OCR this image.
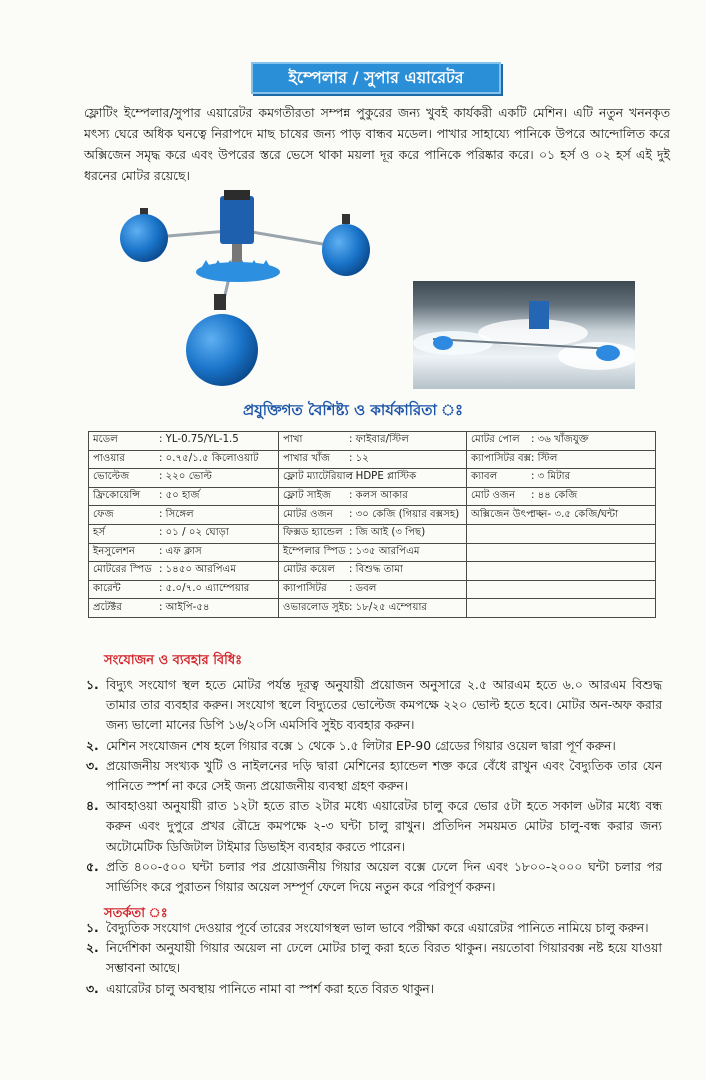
ইম্পেলার / সুপার এয়ারেটর

ফ্লোটিং ইম্পেলার/সুপার এয়ারেটর কমগতীরতা সম্পন্ন পুকুরের জন্য খুবই কার্যকরী একটি মেশিন। এটি নতুন খননকৃত মৎস্য ঘেরে অধিক ঘনত্বে নিরাপদে মাছ চাষের জন্য পাড় বান্ধব মডেল। পাখার সাহায্যে পানিকে উপরে আন্দোলিত করে অক্সিজেন সমৃদ্ধ করে এবং উপরের স্তরে ভেসে থাকা ময়লা দূর করে পানিকে পরিষ্কার করে। ০১ হর্স ও ০২ হর্স এই দুই ধরনের মোটর রয়েছে।

প্রযুক্তিগত বৈশিষ্ট্য ও কার্যকারিতা ঃ
মডেল : YL-0.75/YL-1.5	পাখা : ফাইবার/স্টিল	মোটর পোল : ৩৬ খাঁজযুক্ত
পাওয়ার : ০.৭৫/১.৫ কিলোওয়াট	পাখার খাঁজ : ১২	ক্যাপাসিটর বক্স: স্টিল
ভোল্টেজ : ২২০ ভোল্ট	ফ্লোট ম্যাটেরিয়াল: HDPE প্লাস্টিক	ক্যাবল : ৩ মিটার
ফ্রিকোয়েন্সি : ৫০ হার্জ	ফ্লোট সাইজ : কলস আকার	মোট ওজন : ৪৪ কেজি
ফেজ : সিঙ্গেল	মোটর ওজন : ৩০ কেজি (গিয়ার বক্সসহ)	অক্সিজেন উৎপাদন: ২ - ৩.৫ কেজি/ঘন্টা
হর্স : ০১ / ০২ ঘোড়া	ফিক্সড হ্যান্ডেল : জি আই (৩ পিছ)	
ইনসুলেশন : এফ ক্লাস	ইম্পেলার স্পিড : ১৩৫ আরপিএম	
মোটরের স্পিড : ১৪৫০ আরপিএম	মোটর কয়েল : বিশুদ্ধ তামা	
কারেন্ট : ৫.০/৭.০ এ্যাম্পেয়ার	ক্যাপাসিটর : ডবল	
প্রটেক্টর : আইপি-৫৪	ওভারলোড সুইচ: ১৮/২৫ এম্পেয়ার	
সংযোজন ও ব্যবহার বিধিঃ
১. বিদ্যুৎ সংযোগ স্থল হতে মোটর পর্যন্ত দূরত্ব অনুযায়ী প্রয়োজন অনুসারে ২.৫ আরএম হতে ৬.০ আরএম বিশুদ্ধ তামার তার ব্যবহার করুন। সংযোগ স্থলে বিদ্যুতের ভোল্টেজ কমপক্ষে ২২০ ভোল্ট হতে হবে। মোটর অন-অফ করার জন্য ভালো মানের ডিপি ১৬/২০সি এমসিবি সুইচ ব্যবহার করুন।
২. মেশিন সংযোজন শেষ হলে গিয়ার বক্সে ১ থেকে ১.৫ লিটার EP-90 গ্রেডের গিয়ার ওয়েল দ্বারা পূর্ণ করুন।
৩. প্রয়োজনীয় সংখ্যক খুটি ও নাইলনের দড়ি দ্বারা মেশিনের হ্যান্ডেল শক্ত করে বেঁধে রাখুন এবং বৈদ্যুতিক তার যেন পানিতে স্পর্শ না করে সেই জন্য প্রয়োজনীয় ব্যবস্থা গ্রহণ করুন।
৪. আবহাওয়া অনুযায়ী রাত ১২টা হতে রাত ২টার মধ্যে এয়ারেটর চালু করে ভোর ৫টা হতে সকাল ৬টার মধ্যে বন্ধ করুন এবং দুপুরে প্রখর রৌদ্রে কমপক্ষে ২-৩ ঘন্টা চালু রাখুন। প্রতিদিন সময়মত মোটর চালু-বন্ধ করার জন্য অটোমেটিক ডিজিটাল টাইমার ডিভাইস ব্যবহার করতে পারেন।
৫. প্রতি ৪০০-৫০০ ঘন্টা চলার পর প্রয়োজনীয় গিয়ার অয়েল বক্সে ঢেলে দিন এবং ১৮০০-২০০০ ঘন্টা চলার পর সার্ভিসিং করে পুরাতন গিয়ার অয়েল সম্পূর্ণ ফেলে দিয়ে নতুন করে পরিপূর্ণ করুন।
সতর্কতা ঃ
১. বৈদ্যুতিক সংযোগ দেওয়ার পূর্বে তারের সংযোগস্থল ভাল ভাবে পরীক্ষা করে এয়ারেটর পানিতে নামিয়ে চালু করুন।
২. নির্দেশিকা অনুযায়ী গিয়ার অয়েল না ঢেলে মোটর চালু করা হতে বিরত থাকুন। নয়তোবা গিয়ারবক্স নষ্ট হয়ে যাওয়া সম্ভাবনা আছে।
৩. এয়ারেটর চালু অবস্থায় পানিতে নামা বা স্পর্শ করা হতে বিরত থাকুন।
